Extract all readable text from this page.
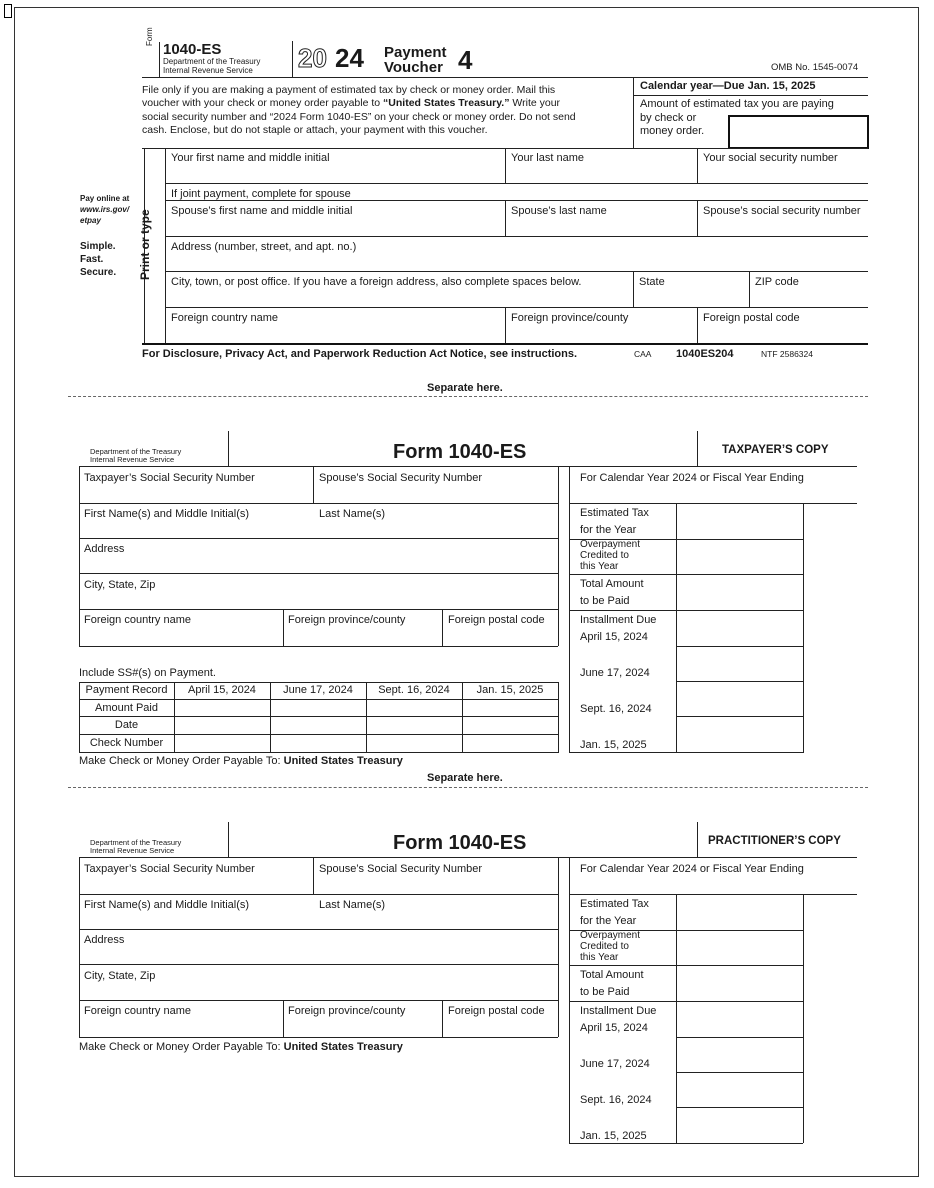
Form
1040-ES
Department of the Treasury
Internal Revenue Service 20 24 Payment
Voucher 4	OMB No. 1545-0074
File only if you are making a payment of estimated tax by check or money order. Mail this
voucher with your check or money order payable to “United States Treasury.” Write your
social security number and “2024 Form 1040-ES” on your check or money order. Do not send
cash. Enclose, but do not staple or attach, your payment with this voucher.
Calendar year—Due Jan. 15, 2025
Amount of estimated tax you are paying
by check or
money order.
Pay online at
www.irs.gov/
etpay
Simple.
Fast.
Secure. Print or type
Your first name and middle initial	Your last name	Your social security number
If joint payment, complete for spouse
Spouse’s first name and middle initial	Spouse’s last name	Spouse’s social security number
Address (number, street, and apt. no.)
City, town, or post office. If you have a foreign address, also complete spaces below.	State	ZIP code
Foreign country name	Foreign province/county	Foreign postal code
For Disclosure, Privacy Act, and Paperwork Reduction Act Notice, see instructions.	CAA 1040ES204	NTF 2586324
Separate here.
Department of the Treasury
Internal Revenue Service	Form 1040-ES	TAXPAYER’S COPY
Taxpayer’s Social Security Number	Spouse’s Social Security Number
First Name(s) and Middle Initial(s)	Last Name(s)
Address
City, State, Zip
Foreign country name	Foreign province/county	Foreign postal code
For Calendar Year 2024 or Fiscal Year Ending
Estimated Tax
for the Year
Overpayment
Credited to
this Year
Total Amount
to be Paid
Installment Due
April 15, 2024
June 17, 2024
Sept. 16, 2024
Jan. 15, 2025
Include SS#(s) on Payment.
Payment Record	April 15, 2024	June 17, 2024	Sept. 16, 2024	Jan. 15, 2025
Amount Paid
Date
Check Number
Make Check or Money Order Payable To: United States Treasury
Separate here.
Department of the Treasury
Internal Revenue Service	Form 1040-ES	PRACTITIONER’S COPY
Taxpayer’s Social Security Number	Spouse’s Social Security Number
First Name(s) and Middle Initial(s)	Last Name(s)
Address
City, State, Zip
Foreign country name	Foreign province/county	Foreign postal code
Make Check or Money Order Payable To: United States Treasury
For Calendar Year 2024 or Fiscal Year Ending
Estimated Tax
for the Year
Overpayment
Credited to
this Year
Total Amount
to be Paid
Installment Due
April 15, 2024
June 17, 2024
Sept. 16, 2024
Jan. 15, 2025
